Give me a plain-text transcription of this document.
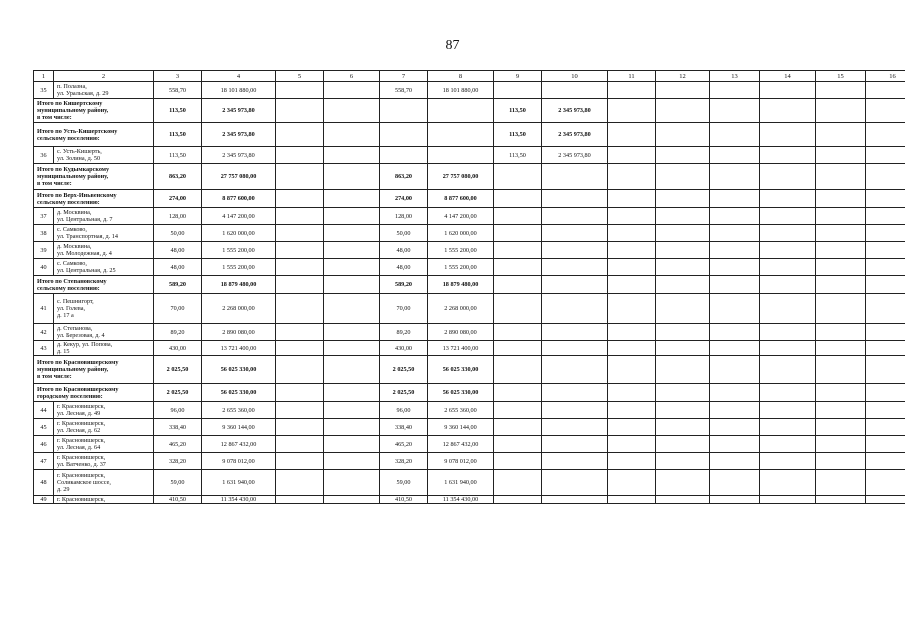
87
1	2	3	4	5	6	7	8	9	10	11	12	13	14	15	16
35	п. Полазна,
ул. Уральская, д. 29	558,70	18 101 880,00			558,70	18 101 880,00								
Итого по Кишертскому
муниципальному району,
в том числе:		113,50	2 345 973,80					113,50	2 345 973,80						
Итого по Усть-Кишертскому
сельскому поселению:		113,50	2 345 973,80					113,50	2 345 973,80						
36	с. Усть-Кишерть,
ул. Золина, д. 50	113,50	2 345 973,80					113,50	2 345 973,80						
Итого по Кудымкарскому
муниципальному району,
в том числе:		863,20	27 757 080,00			863,20	27 757 080,00								
Итого по Верх-Иньвенскому
сельскому поселению:		274,00	8 877 600,00			274,00	8 877 600,00								
37	д. Москвина,
ул. Центральная, д. 7	128,00	4 147 200,00			128,00	4 147 200,00								
38	с. Самково,
ул. Транспортная, д. 14	50,00	1 620 000,00			50,00	1 620 000,00								
39	д. Москвина,
ул. Молодежная, д. 4	48,00	1 555 200,00			48,00	1 555 200,00								
40	с. Самково,
ул. Центральная, д. 25	48,00	1 555 200,00			48,00	1 555 200,00								
Итого по Степановскому
сельскому поселению:		589,20	18 879 480,00			589,20	18 879 480,00								
41	с. Пешнигорт,
ул. Голева,
д. 17 а	70,00	2 268 000,00			70,00	2 268 000,00								
42	д. Степанова,
ул. Березовая, д. 4	89,20	2 890 080,00			89,20	2 890 080,00								
43	д. Кекур, ул. Попова,
д. 15	430,00	13 721 400,00			430,00	13 721 400,00								
Итого по Красновишерскому
муниципальному району,
в том числе:		2 025,50	56 025 330,00			2 025,50	56 025 330,00								
Итого по Красновишерскому
городскому поселению:		2 025,50	56 025 330,00			2 025,50	56 025 330,00								
44	г. Красновишерск,
ул. Лесная, д. 49	96,00	2 655 360,00			96,00	2 655 360,00								
45	г. Красновишерск,
ул. Лесная, д. 62	338,40	9 360 144,00			338,40	9 360 144,00								
46	г. Красновишерск,
ул. Лесная, д. 64	465,20	12 867 432,00			465,20	12 867 432,00								
47	г. Красновишерск,
ул. Ватченко, д. 37	328,20	9 078 012,00			328,20	9 078 012,00								
48	г. Красновишерск,
Соликамское шоссе,
д. 29	59,00	1 631 940,00			59,00	1 631 940,00								
49	г. Красновишерск,	410,50	11 354 430,00			410,50	11 354 430,00								
